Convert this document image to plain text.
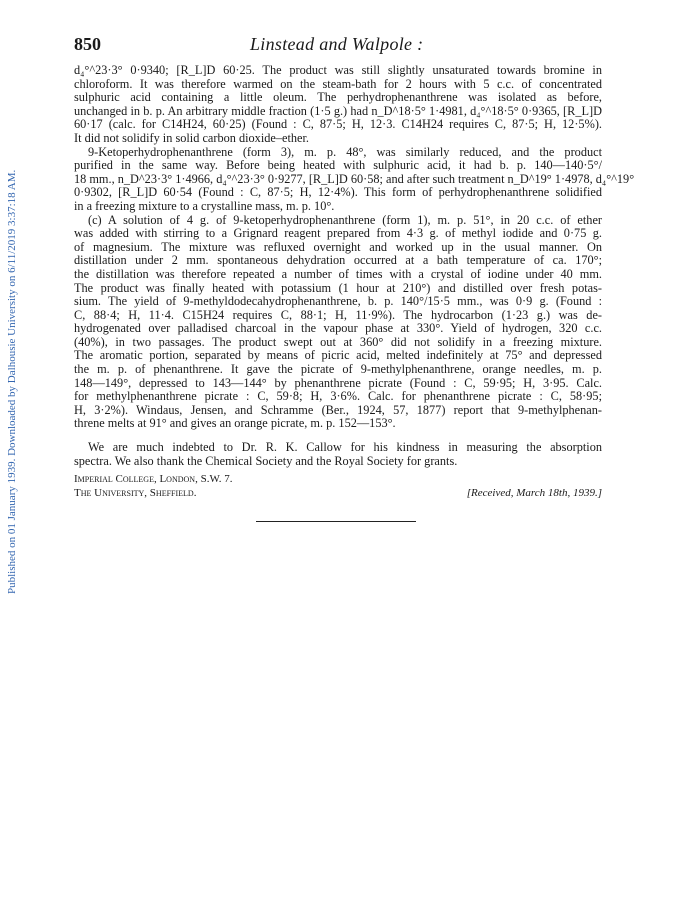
850	Linstead and Walpole :
Published on 01 January 1939. Downloaded by Dalhousie University on 6/11/2019 3:37:18 AM.
d₄°^23·3° 0·9340; [R_L]D 60·25. The product was still slightly unsaturated towards bromine in
chloroform. It was therefore warmed on the steam-bath for 2 hours with 5 c.c. of concentrated
sulphuric acid containing a little oleum. The perhydrophenanthrene was isolated as before,
unchanged in b. p. An arbitrary middle fraction (1·5 g.) had n_D^18·5° 1·4981, d₄°^18·5° 0·9365, [R_L]D
60·17 (calc. for C14H24, 60·25) (Found : C, 87·5; H, 12·3. C14H24 requires C, 87·5; H, 12·5%).
It did not solidify in solid carbon dioxide–ether.
9-Ketoperhydrophenanthrene (form 3), m. p. 48°, was similarly reduced, and the product
purified in the same way. Before being heated with sulphuric acid, it had b. p. 140—140·5°/
18 mm., n_D^23·3° 1·4966, d₄°^23·3° 0·9277, [R_L]D 60·58; and after such treatment n_D^19° 1·4978, d₄°^19°
0·9302, [R_L]D 60·54 (Found : C, 87·5; H, 12·4%). This form of perhydrophenanthrene solidified
in a freezing mixture to a crystalline mass, m. p. 10°.
(c) A solution of 4 g. of 9-ketoperhydrophenanthrene (form 1), m. p. 51°, in 20 c.c. of ether
was added with stirring to a Grignard reagent prepared from 4·3 g. of methyl iodide and 0·75 g.
of magnesium. The mixture was refluxed overnight and worked up in the usual manner. On
distillation under 2 mm. spontaneous dehydration occurred at a bath temperature of ca. 170°;
the distillation was therefore repeated a number of times with a crystal of iodine under 40 mm.
The product was finally heated with potassium (1 hour at 210°) and distilled over fresh potas-
sium. The yield of 9-methyldodecahydrophenanthrene, b. p. 140°/15·5 mm., was 0·9 g. (Found :
C, 88·4; H, 11·4. C15H24 requires C, 88·1; H, 11·9%). The hydrocarbon (1·23 g.) was de-
hydrogenated over palladised charcoal in the vapour phase at 330°. Yield of hydrogen, 320 c.c.
(40%), in two passages. The product swept out at 360° did not solidify in a freezing mixture.
The aromatic portion, separated by means of picric acid, melted indefinitely at 75° and depressed
the m. p. of phenanthrene. It gave the picrate of 9-methylphenanthrene, orange needles, m. p.
148—149°, depressed to 143—144° by phenanthrene picrate (Found : C, 59·95; H, 3·95. Calc.
for methylphenanthrene picrate : C, 59·8; H, 3·6%. Calc. for phenanthrene picrate : C, 58·95;
H, 3·2%). Windaus, Jensen, and Schramme (Ber., 1924, 57, 1877) report that 9-methylphenan-
threne melts at 91° and gives an orange picrate, m. p. 152—153°.
We are much indebted to Dr. R. K. Callow for his kindness in measuring the absorption
spectra. We also thank the Chemical Society and the Royal Society for grants.
Imperial College, London, S.W. 7.
The University, Sheffield.	[Received, March 18th, 1939.]
